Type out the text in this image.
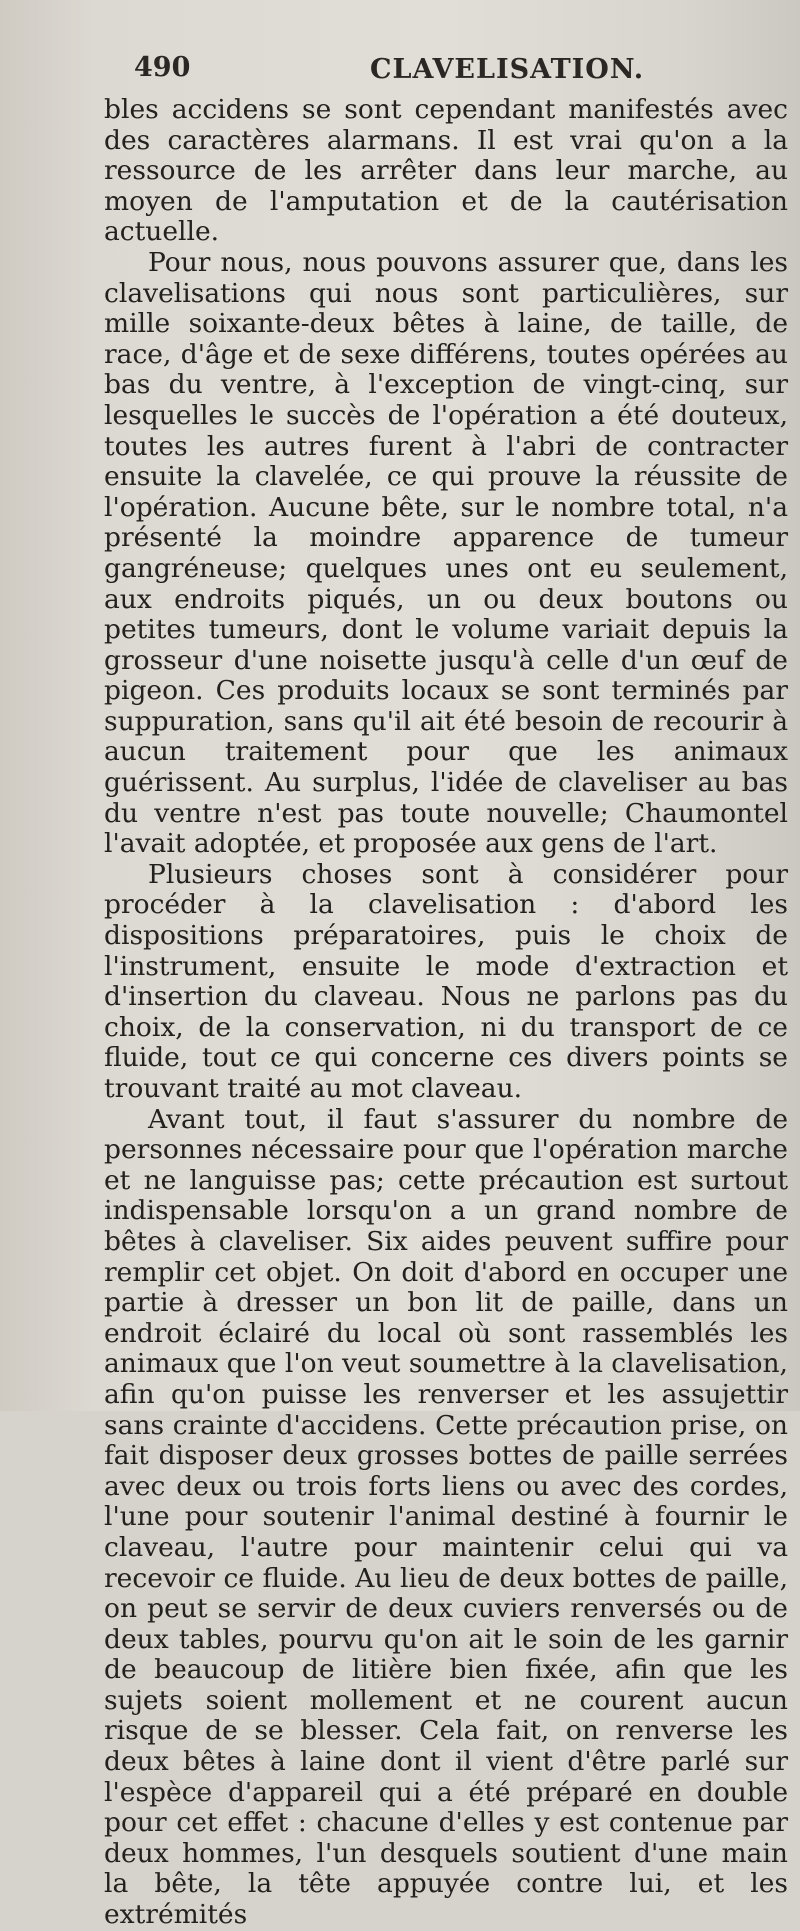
490	CLAVELISATION.

bles accidens se sont cependant manifestés avec des caractères alarmans. Il est vrai qu'on a la ressource de les arrêter dans leur marche, au moyen de l'amputation et de la cautérisation actuelle.

Pour nous, nous pouvons assurer que, dans les clavelisations qui nous sont particulières, sur mille soixante-deux bêtes à laine, de taille, de race, d'âge et de sexe différens, toutes opérées au bas du ventre, à l'exception de vingt-cinq, sur lesquelles le succès de l'opération a été douteux, toutes les autres furent à l'abri de contracter ensuite la clavelée, ce qui prouve la réussite de l'opération. Aucune bête, sur le nombre total, n'a présenté la moindre apparence de tumeur gangréneuse; quelques unes ont eu seulement, aux endroits piqués, un ou deux boutons ou petites tumeurs, dont le volume variait depuis la grosseur d'une noisette jusqu'à celle d'un œuf de pigeon. Ces produits locaux se sont terminés par suppuration, sans qu'il ait été besoin de recourir à aucun traitement pour que les animaux guérissent. Au surplus, l'idée de claveliser au bas du ventre n'est pas toute nouvelle; Chaumontel l'avait adoptée, et proposée aux gens de l'art.

Plusieurs choses sont à considérer pour procéder à la clavelisation : d'abord les dispositions préparatoires, puis le choix de l'instrument, ensuite le mode d'extraction et d'insertion du claveau. Nous ne parlons pas du choix, de la conservation, ni du transport de ce fluide, tout ce qui concerne ces divers points se trouvant traité au mot claveau.

Avant tout, il faut s'assurer du nombre de personnes nécessaire pour que l'opération marche et ne languisse pas; cette précaution est surtout indispensable lorsqu'on a un grand nombre de bêtes à claveliser. Six aides peuvent suffire pour remplir cet objet. On doit d'abord en occuper une partie à dresser un bon lit de paille, dans un endroit éclairé du local où sont rassemblés les animaux que l'on veut soumettre à la clavelisation, afin qu'on puisse les renverser et les assujettir sans crainte d'accidens. Cette précaution prise, on fait disposer deux grosses bottes de paille serrées avec deux ou trois forts liens ou avec des cordes, l'une pour soutenir l'animal destiné à fournir le claveau, l'autre pour maintenir celui qui va recevoir ce fluide. Au lieu de deux bottes de paille, on peut se servir de deux cuviers renversés ou de deux tables, pourvu qu'on ait le soin de les garnir de beaucoup de litière bien fixée, afin que les sujets soient mollement et ne courent aucun risque de se blesser. Cela fait, on renverse les deux bêtes à laine dont il vient d'être parlé sur l'espèce d'appareil qui a été préparé en double pour cet effet : chacune d'elles y est contenue par deux hommes, l'un desquels soutient d'une main la bête, la tête appuyée contre lui, et les extrémités
